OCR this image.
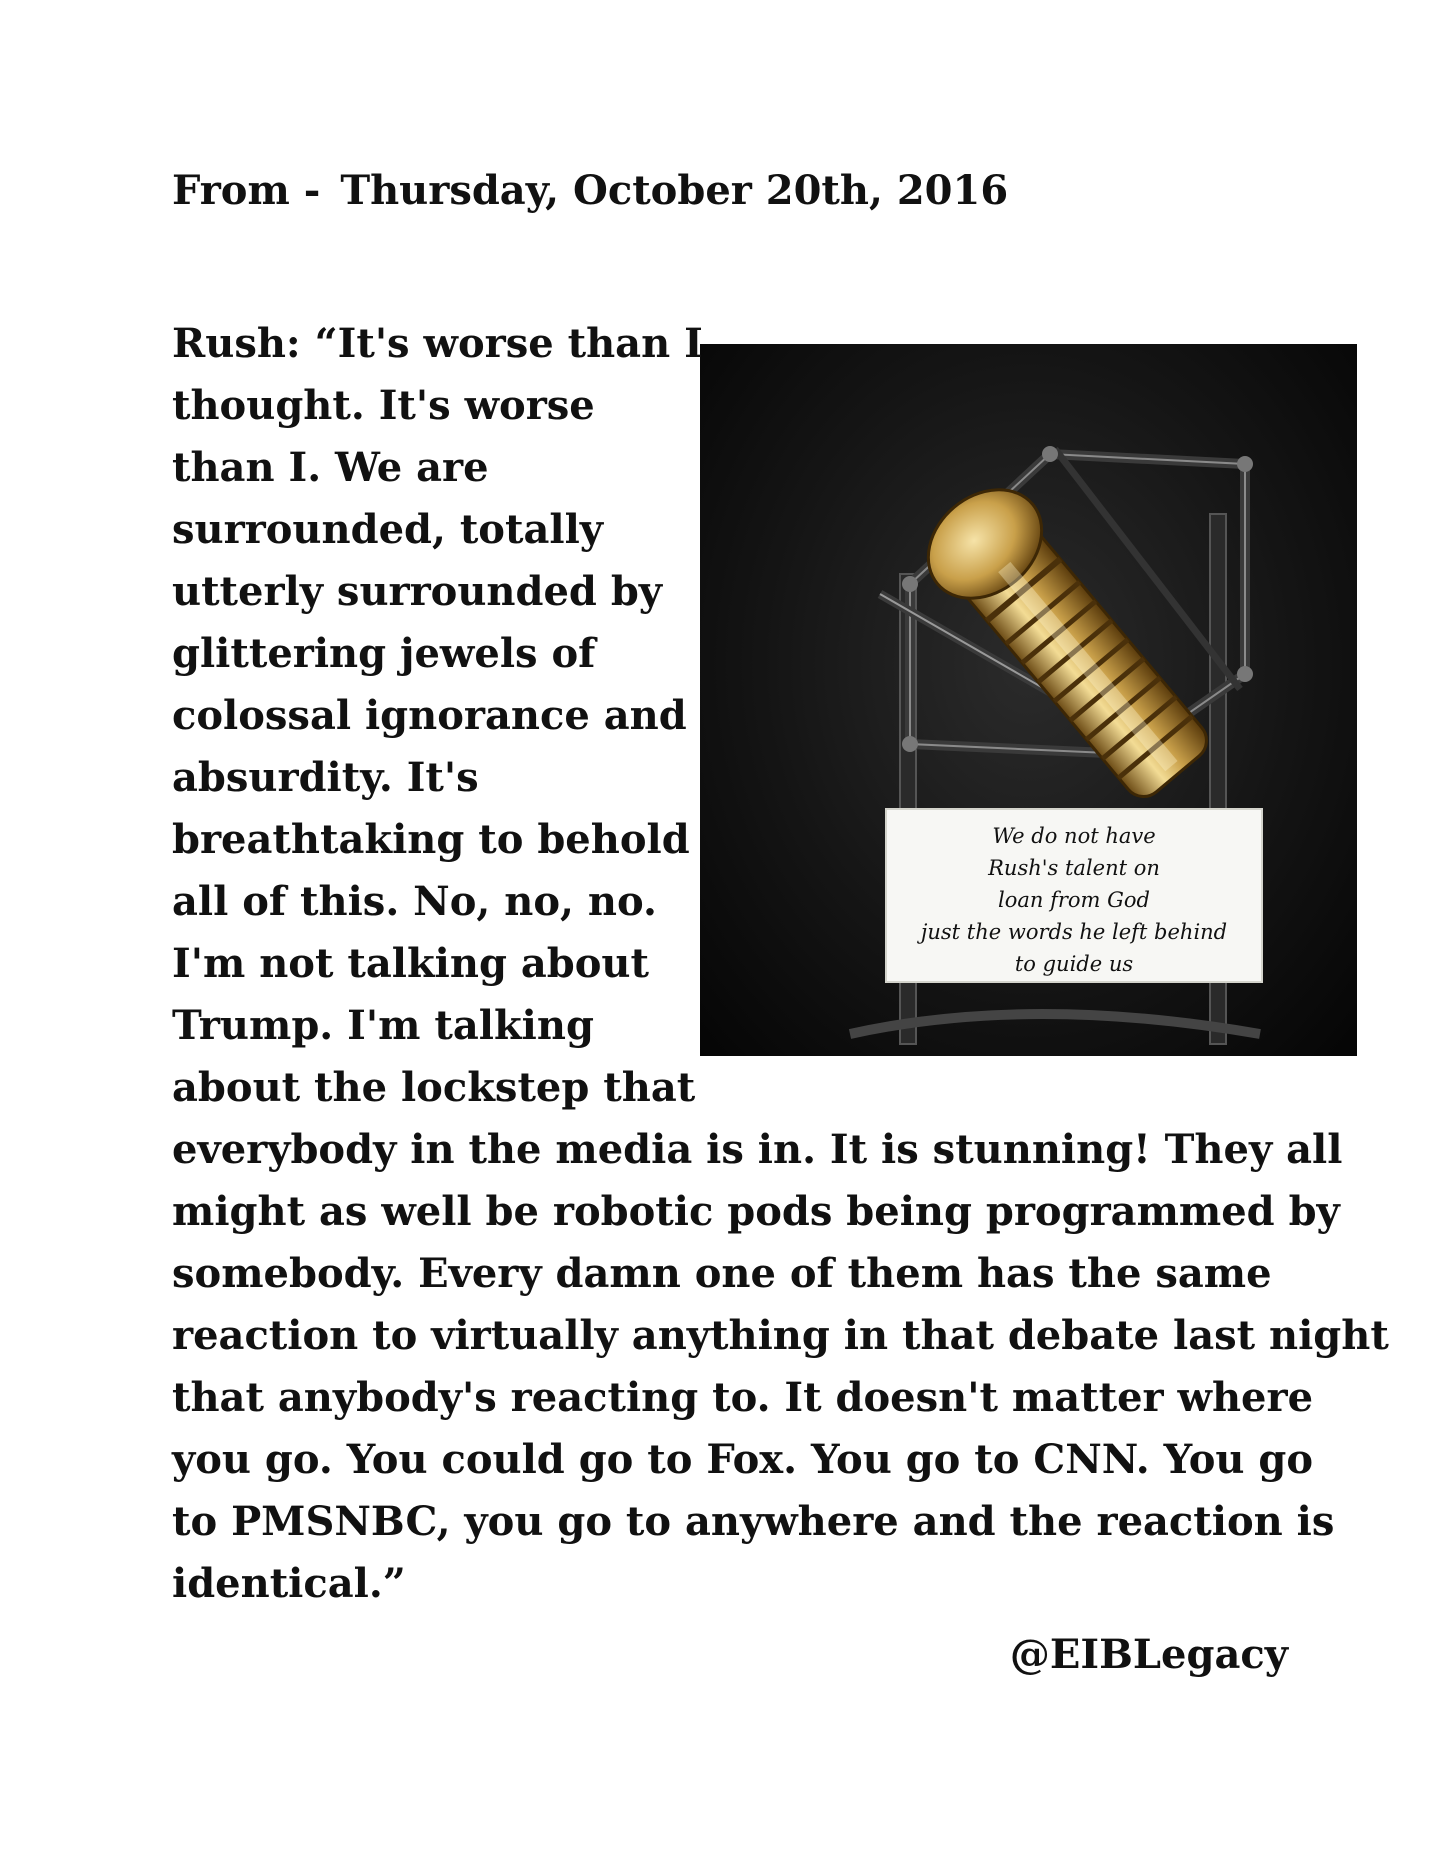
From - Thursday, October 20th, 2016

We do not have
Rush's talent on
loan from God
just the words he left behind
to guide us
Rush: “It's worse than I
thought. It's worse
than I. We are
surrounded, totally
utterly surrounded by
glittering jewels of
colossal ignorance and
absurdity. It's
breathtaking to behold
all of this. No, no, no.
I'm not talking about
Trump. I'm talking
about the lockstep that
everybody in the media is in. It is stunning! They all
might as well be robotic pods being programmed by
somebody. Every damn one of them has the same
reaction to virtually anything in that debate last night
that anybody's reacting to. It doesn't matter where
you go. You could go to Fox. You go to CNN. You go
to PMSNBC, you go to anywhere and the reaction is
identical.”

@EIBLegacy
